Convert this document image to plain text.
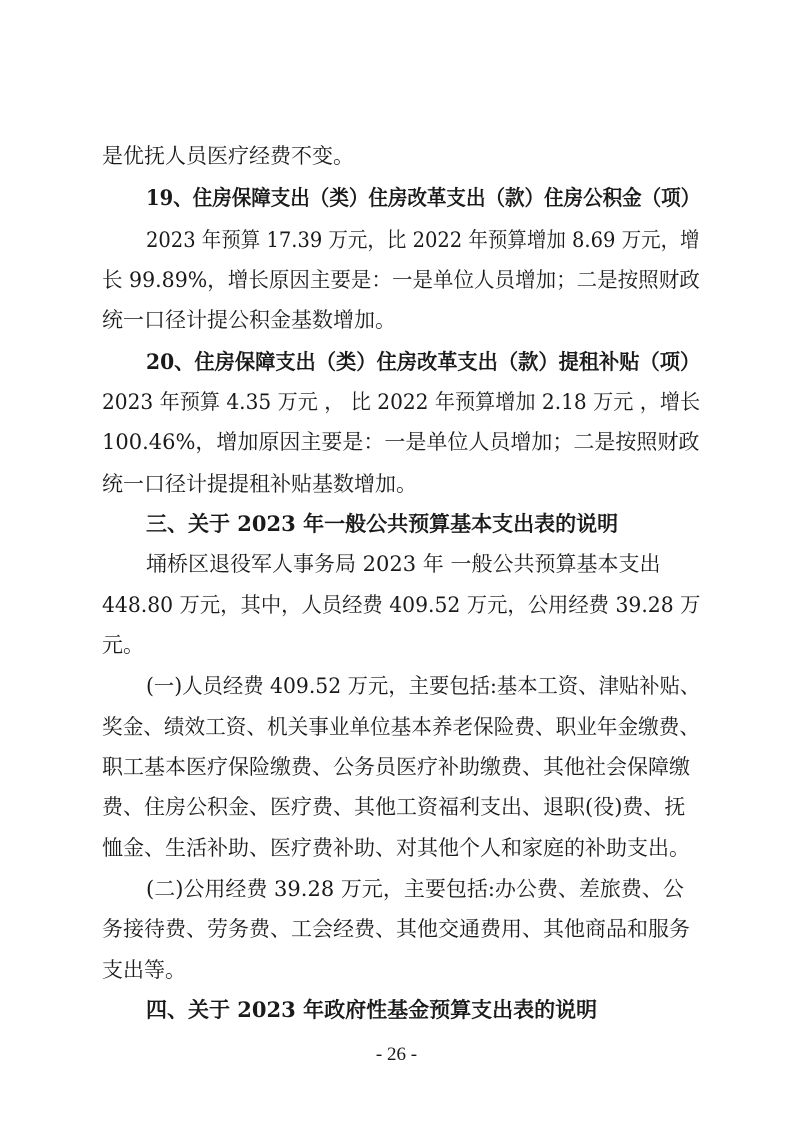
是优抚人员医疗经费不变。
19、住房保障支出（类）住房改革支出（款）住房公积金（项）
2023 年预算 17.39 万元，比 2022 年预算增加 8.69 万元，增
长 99.89%，增长原因主要是：一是单位人员增加；二是按照财政
统一口径计提公积金基数增加。
20、住房保障支出（类）住房改革支出（款）提租补贴（项）
2023 年预算 4.35 万元 ， 比 2022 年预算增加 2.18 万元 ，增长
100.46%，增加原因主要是：一是单位人员增加；二是按照财政
统一口径计提提租补贴基数增加。
三、关于 2023 年一般公共预算基本支出表的说明
埇桥区退役军人事务局 2023 年 一般公共预算基本支出
448.80 万元，其中，人员经费 409.52 万元，公用经费 39.28 万
元。
(一)人员经费 409.52 万元，主要包括:基本工资、津贴补贴、
奖金、绩效工资、机关事业单位基本养老保险费、职业年金缴费、
职工基本医疗保险缴费、公务员医疗补助缴费、其他社会保障缴
费、住房公积金、医疗费、其他工资福利支出、退职(役)费、抚
恤金、生活补助、医疗费补助、对其他个人和家庭的补助支出。
(二)公用经费 39.28 万元，主要包括:办公费、差旅费、公
务接待费、劳务费、工会经费、其他交通费用、其他商品和服务
支出等。
四、关于 2023 年政府性基金预算支出表的说明
- 26 -
